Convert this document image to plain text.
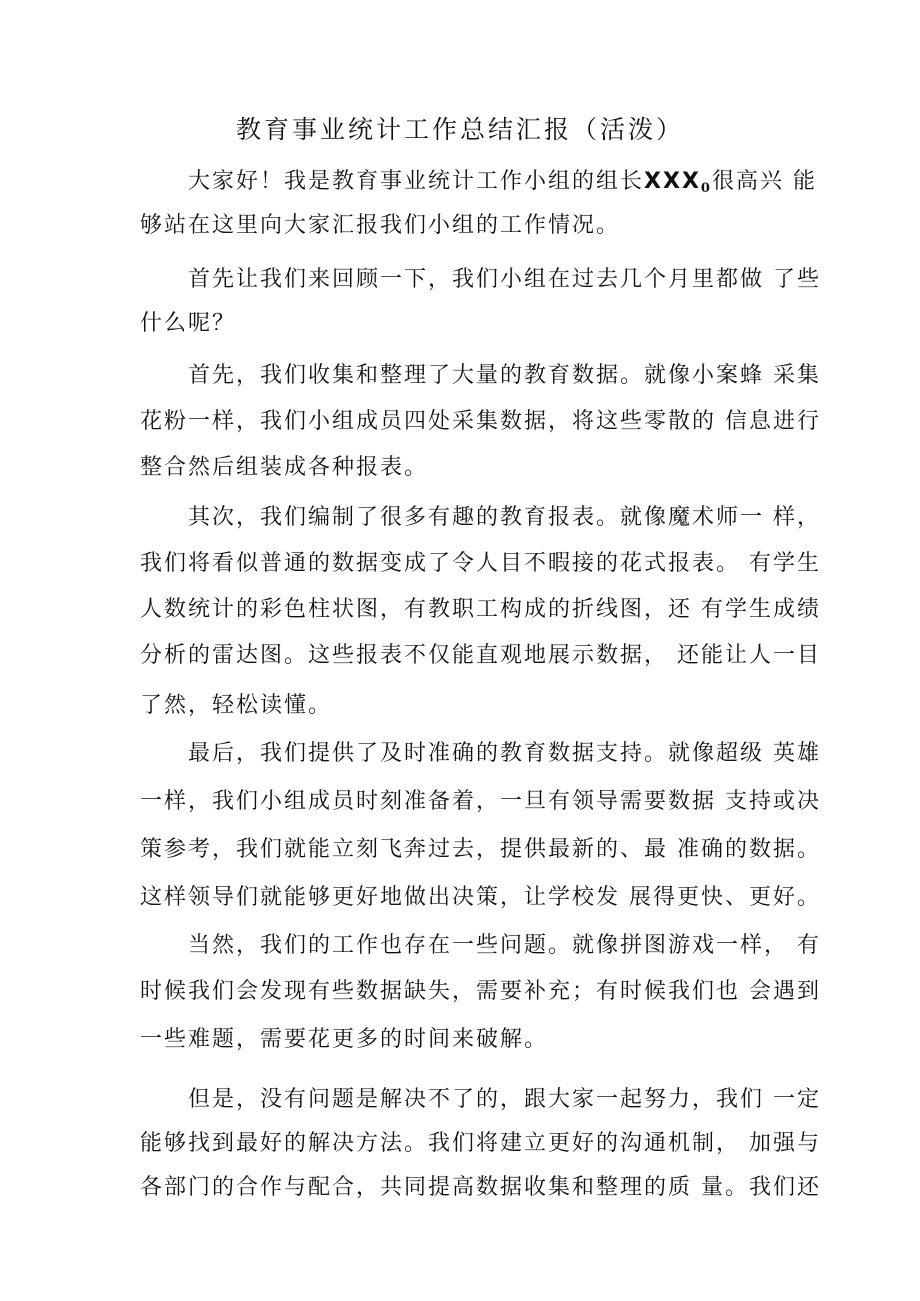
教育事业统计工作总结汇报（活泼）

大家好！我是教育事业统计工作小组的组长$XXX_0$很高兴 能

够站在这里向大家汇报我们小组的工作情况。

首先让我们来回顾一下，我们小组在过去几个月里都做 了些

什么呢？

首先，我们收集和整理了大量的教育数据。就像小案蜂 采集

花粉一样，我们小组成员四处采集数据，将这些零散的 信息进行

整合然后组装成各种报表。

其次，我们编制了很多有趣的教育报表。就像魔术师一 样，

我们将看似普通的数据变成了令人目不暇接的花式报表。 有学生

人数统计的彩色柱状图，有教职工构成的折线图，还 有学生成绩

分析的雷达图。这些报表不仅能直观地展示数据， 还能让人一目

了然，轻松读懂。

最后，我们提供了及时准确的教育数据支持。就像超级 英雄

一样，我们小组成员时刻准备着，一旦有领导需要数据 支持或决

策参考，我们就能立刻飞奔过去，提供最新的、最 准确的数据。

这样领导们就能够更好地做出决策，让学校发 展得更快、更好。

当然，我们的工作也存在一些问题。就像拼图游戏一样， 有

时候我们会发现有些数据缺失，需要补充；有时候我们也 会遇到

一些难题，需要花更多的时间来破解。

但是，没有问题是解决不了的，跟大家一起努力，我们 一定

能够找到最好的解决方法。我们将建立更好的沟通机制， 加强与

各部门的合作与配合，共同提高数据收集和整理的质 量。我们还
